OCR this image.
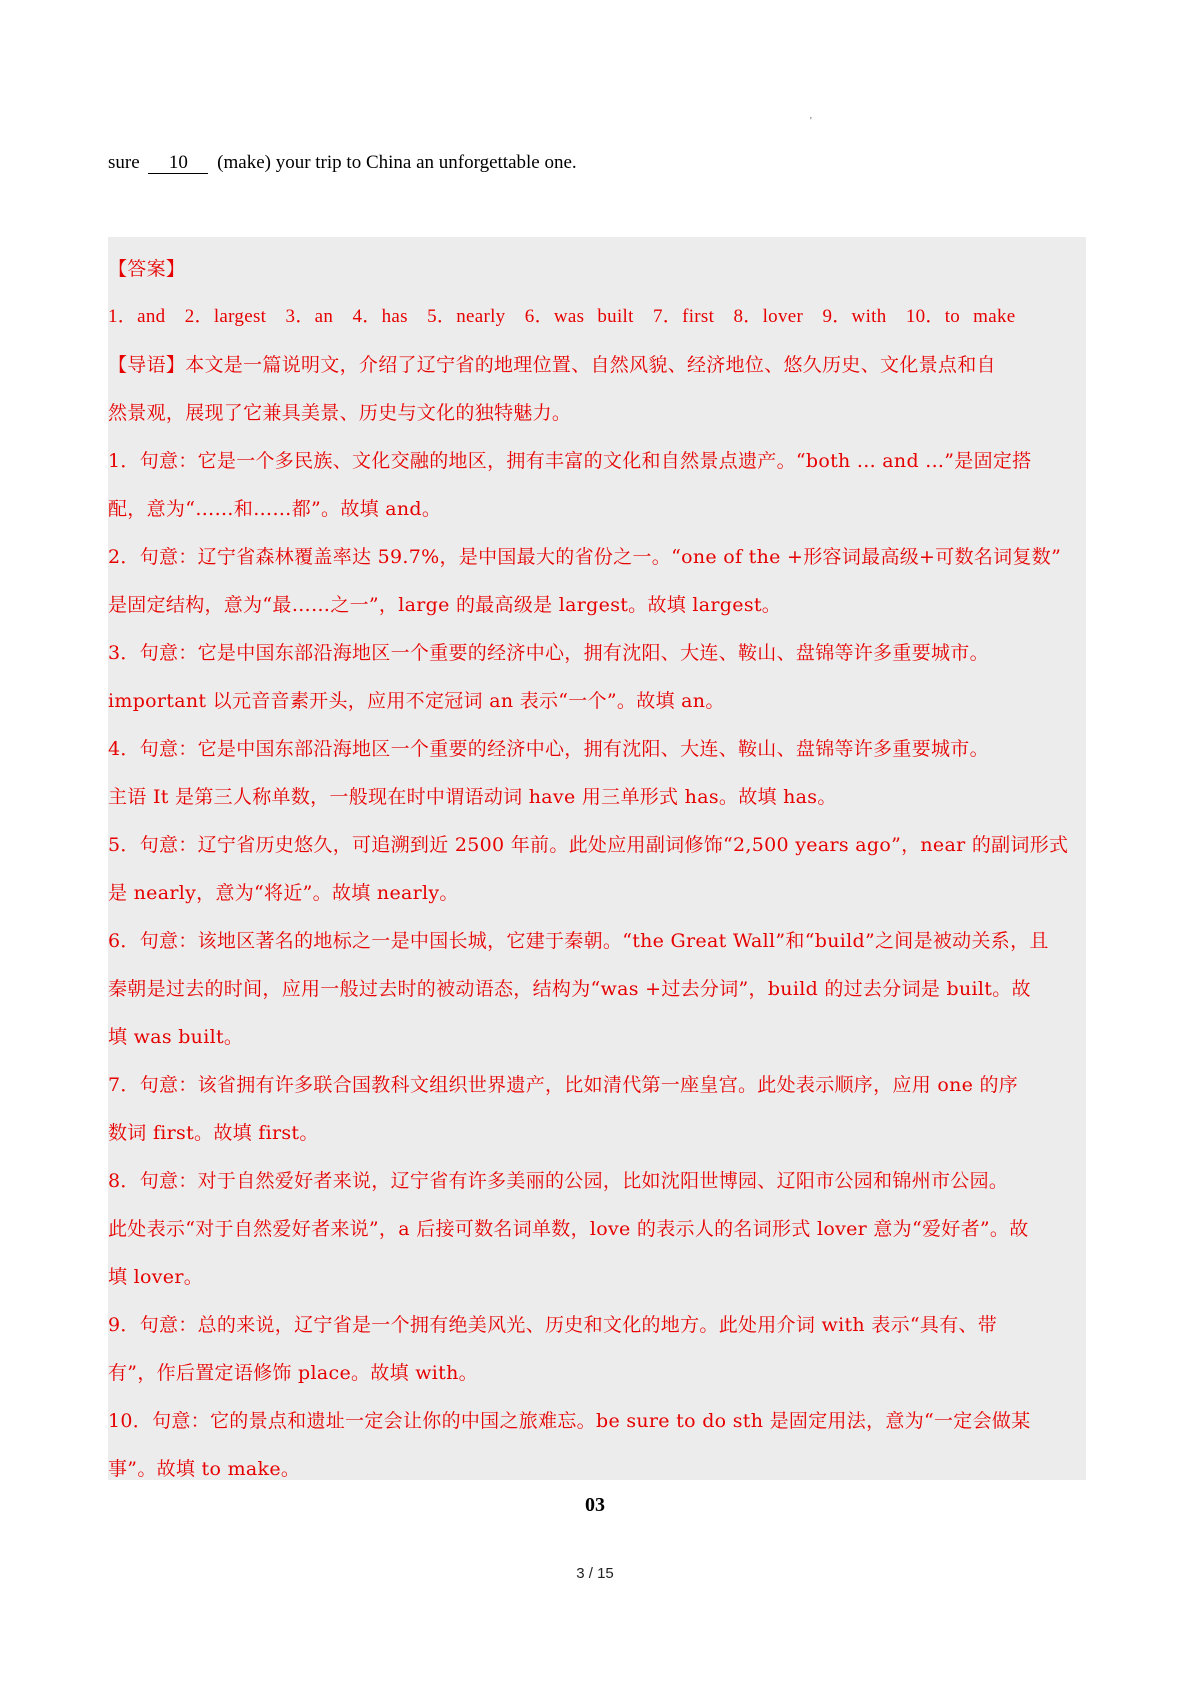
'
sure 10 (make) your trip to China an unforgettable one.
【答案】
1．and　2．largest　3．an　4．has　5．nearly　6．was built　7．first　8．lover　9．with　10．to make
【导语】本文是一篇说明文，介绍了辽宁省的地理位置、自然风貌、经济地位、悠久历史、文化景点和自
然景观，展现了它兼具美景、历史与文化的独特魅力。
1．句意：它是一个多民族、文化交融的地区，拥有丰富的文化和自然景点遗产。“both ... and ...”是固定搭
配，意为“……和……都”。故填 and。
2．句意：辽宁省森林覆盖率达 59.7%，是中国最大的省份之一。“one of the +形容词最高级+可数名词复数”
是固定结构，意为“最……之一”，large 的最高级是 largest。故填 largest。
3．句意：它是中国东部沿海地区一个重要的经济中心，拥有沈阳、大连、鞍山、盘锦等许多重要城市。
important 以元音音素开头，应用不定冠词 an 表示“一个”。故填 an。
4．句意：它是中国东部沿海地区一个重要的经济中心，拥有沈阳、大连、鞍山、盘锦等许多重要城市。
主语 It 是第三人称单数，一般现在时中谓语动词 have 用三单形式 has。故填 has。
5．句意：辽宁省历史悠久，可追溯到近 2500 年前。此处应用副词修饰“2,500 years ago”，near 的副词形式
是 nearly，意为“将近”。故填 nearly。
6．句意：该地区著名的地标之一是中国长城，它建于秦朝。“the Great Wall”和“build”之间是被动关系，且
秦朝是过去的时间，应用一般过去时的被动语态，结构为“was +过去分词”，build 的过去分词是 built。故
填 was built。
7．句意：该省拥有许多联合国教科文组织世界遗产，比如清代第一座皇宫。此处表示顺序，应用 one 的序
数词 first。故填 first。
8．句意：对于自然爱好者来说，辽宁省有许多美丽的公园，比如沈阳世博园、辽阳市公园和锦州市公园。
此处表示“对于自然爱好者来说”，a 后接可数名词单数，love 的表示人的名词形式 lover 意为“爱好者”。故
填 lover。
9．句意：总的来说，辽宁省是一个拥有绝美风光、历史和文化的地方。此处用介词 with 表示“具有、带
有”，作后置定语修饰 place。故填 with。
10．句意：它的景点和遗址一定会让你的中国之旅难忘。be sure to do sth 是固定用法，意为“一定会做某
事”。故填 to make。
03
3 / 15
